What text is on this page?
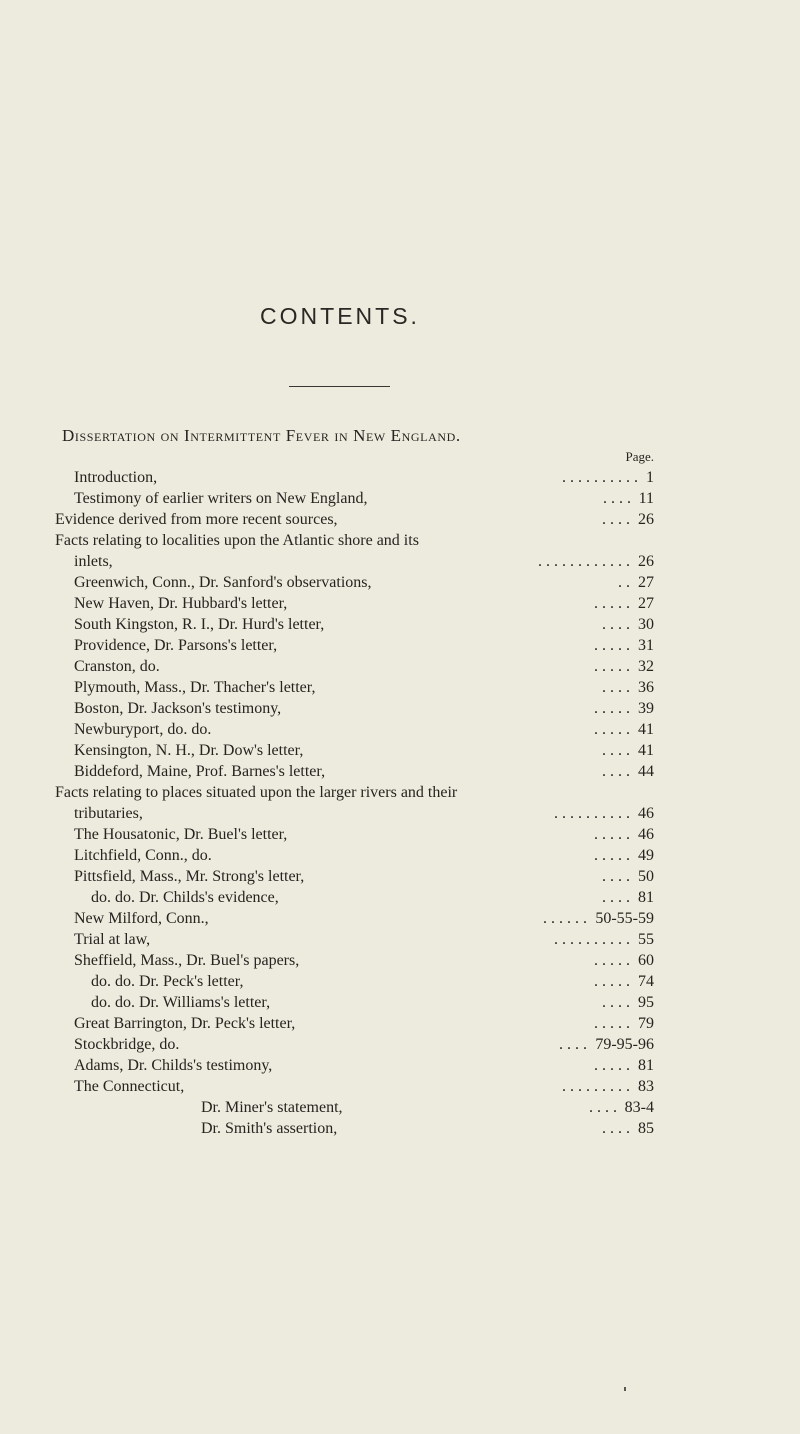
CONTENTS.
Dissertation on Intermittent Fever in New England.
Page.
Introduction,	. . . . . . . . . . 1
Testimony of earlier writers on New England,	. . . . 11
Evidence derived from more recent sources,	. . . . 26
Facts relating to localities upon the Atlantic shore and its
inlets,	. . . . . . . . . . . . 26
Greenwich, Conn., Dr. Sanford's observations,	. . 27
New Haven, Dr. Hubbard's letter,	. . . . . 27
South Kingston, R. I., Dr. Hurd's letter,	. . . . 30
Providence, Dr. Parsons's letter,	. . . . . 31
Cranston, do.	. . . . . 32
Plymouth, Mass., Dr. Thacher's letter,	. . . . 36
Boston, Dr. Jackson's testimony,	. . . . . 39
Newburyport, do. do.	. . . . . 41
Kensington, N. H., Dr. Dow's letter,	. . . . 41
Biddeford, Maine, Prof. Barnes's letter,	. . . . 44
Facts relating to places situated upon the larger rivers and their
tributaries,	. . . . . . . . . . 46
The Housatonic, Dr. Buel's letter,	. . . . . 46
Litchfield, Conn., do.	. . . . . 49
Pittsfield, Mass., Mr. Strong's letter,	. . . . 50
do. do. Dr. Childs's evidence,	. . . . 81
New Milford, Conn.,	. . . . . . 50-55-59
Trial at law,	. . . . . . . . . . 55
Sheffield, Mass., Dr. Buel's papers,	. . . . . 60
do. do. Dr. Peck's letter,	. . . . . 74
do. do. Dr. Williams's letter,	. . . . 95
Great Barrington, Dr. Peck's letter,	. . . . . 79
Stockbridge, do.	. . . . 79-95-96
Adams, Dr. Childs's testimony,	. . . . . 81
The Connecticut,	. . . . . . . . . 83
Dr. Miner's statement,	. . . . 83-4
Dr. Smith's assertion,	. . . . 85
